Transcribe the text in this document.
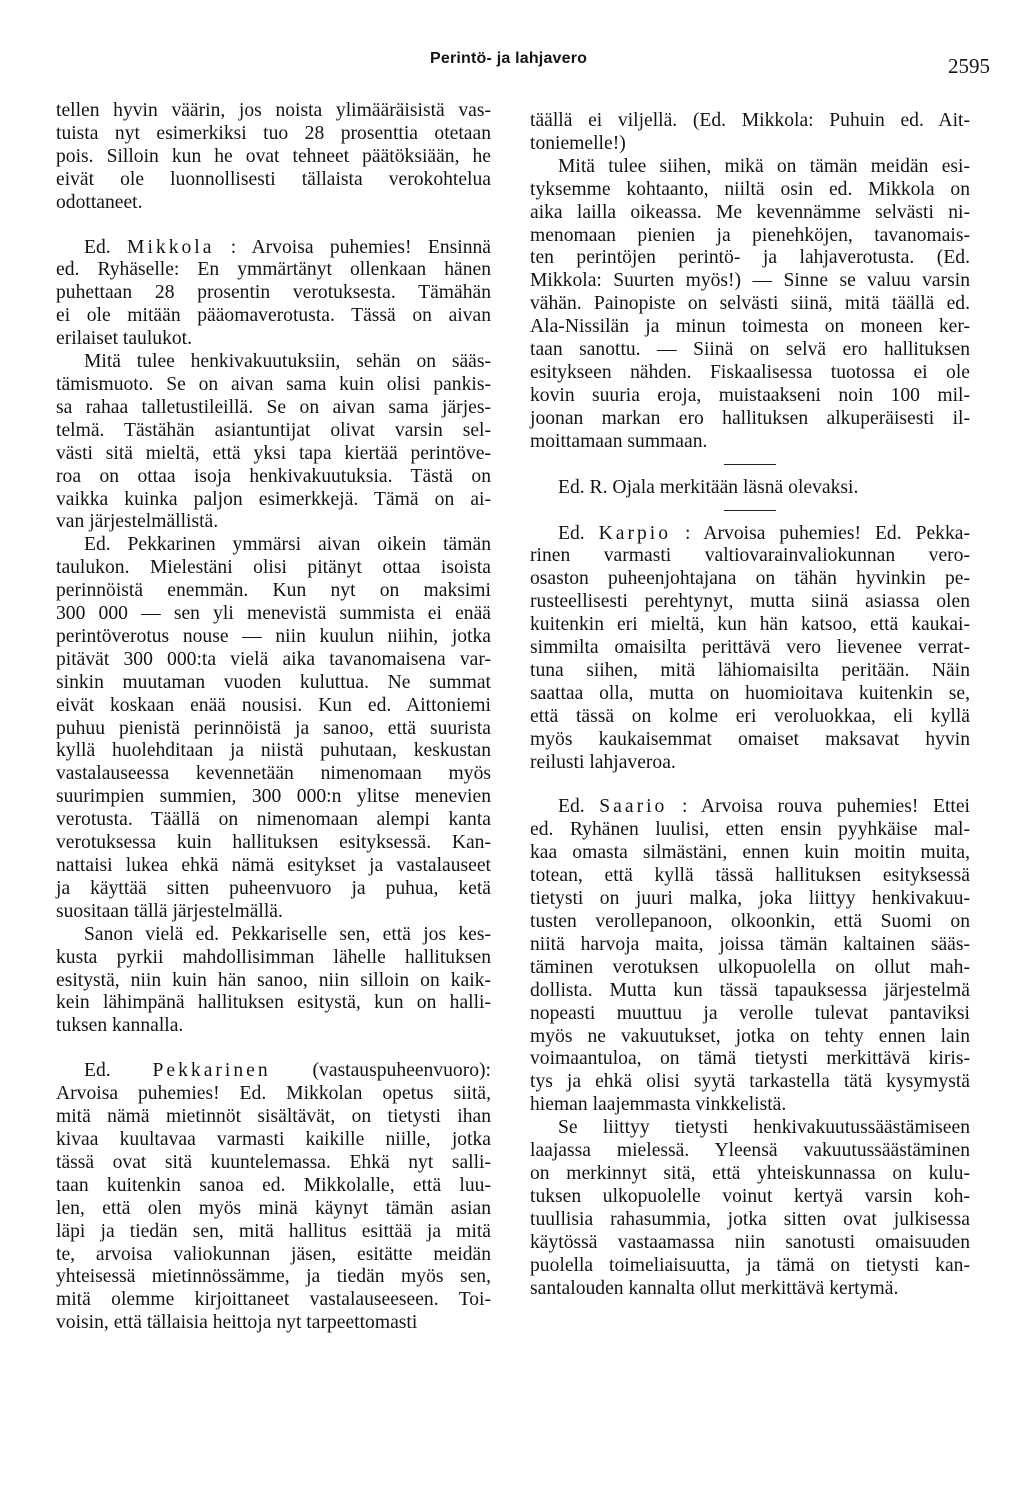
Perintö- ja lahjavero	2595
tellen hyvin väärin, jos noista ylimääräisistä vas-
tuista nyt esimerkiksi tuo 28 prosenttia otetaan
pois. Silloin kun he ovat tehneet päätöksiään, he
eivät ole luonnollisesti tällaista verokohtelua
odottaneet.
Ed. Mikkola : Arvoisa puhemies! Ensinnä
ed. Ryhäselle: En ymmärtänyt ollenkaan hänen
puhettaan 28 prosentin verotuksesta. Tämähän
ei ole mitään pääomaverotusta. Tässä on aivan
erilaiset taulukot.
Mitä tulee henkivakuutuksiin, sehän on sääs-
tämismuoto. Se on aivan sama kuin olisi pankis-
sa rahaa talletustileillä. Se on aivan sama järjes-
telmä. Tästähän asiantuntijat olivat varsin sel-
västi sitä mieltä, että yksi tapa kiertää perintöve-
roa on ottaa isoja henkivakuutuksia. Tästä on
vaikka kuinka paljon esimerkkejä. Tämä on ai-
van järjestelmällistä.
Ed. Pekkarinen ymmärsi aivan oikein tämän
taulukon. Mielestäni olisi pitänyt ottaa isoista
perinnöistä enemmän. Kun nyt on maksimi
300 000 — sen yli menevistä summista ei enää
perintöverotus nouse — niin kuulun niihin, jotka
pitävät 300 000:ta vielä aika tavanomaisena var-
sinkin muutaman vuoden kuluttua. Ne summat
eivät koskaan enää nousisi. Kun ed. Aittoniemi
puhuu pienistä perinnöistä ja sanoo, että suurista
kyllä huolehditaan ja niistä puhutaan, keskustan
vastalauseessa kevennetään nimenomaan myös
suurimpien summien, 300 000:n ylitse menevien
verotusta. Täällä on nimenomaan alempi kanta
verotuksessa kuin hallituksen esityksessä. Kan-
nattaisi lukea ehkä nämä esitykset ja vastalauseet
ja käyttää sitten puheenvuoro ja puhua, ketä
suositaan tällä järjestelmällä.
Sanon vielä ed. Pekkariselle sen, että jos kes-
kusta pyrkii mahdollisimman lähelle hallituksen
esitystä, niin kuin hän sanoo, niin silloin on kaik-
kein lähimpänä hallituksen esitystä, kun on halli-
tuksen kannalla.
Ed. Pekkarinen (vastauspuheenvuoro):
Arvoisa puhemies! Ed. Mikkolan opetus siitä,
mitä nämä mietinnöt sisältävät, on tietysti ihan
kivaa kuultavaa varmasti kaikille niille, jotka
tässä ovat sitä kuuntelemassa. Ehkä nyt salli-
taan kuitenkin sanoa ed. Mikkolalle, että luu-
len, että olen myös minä käynyt tämän asian
läpi ja tiedän sen, mitä hallitus esittää ja mitä
te, arvoisa valiokunnan jäsen, esitätte meidän
yhteisessä mietinnössämme, ja tiedän myös sen,
mitä olemme kirjoittaneet vastalauseeseen. Toi-
voisin, että tällaisia heittoja nyt tarpeettomasti
täällä ei viljellä. (Ed. Mikkola: Puhuin ed. Ait-
toniemelle!)
Mitä tulee siihen, mikä on tämän meidän esi-
tyksemme kohtaanto, niiltä osin ed. Mikkola on
aika lailla oikeassa. Me kevennämme selvästi ni-
menomaan pienien ja pienehköjen, tavanomais-
ten perintöjen perintö- ja lahjaverotusta. (Ed.
Mikkola: Suurten myös!) — Sinne se valuu varsin
vähän. Painopiste on selvästi siinä, mitä täällä ed.
Ala-Nissilän ja minun toimesta on moneen ker-
taan sanottu. — Siinä on selvä ero hallituksen
esitykseen nähden. Fiskaalisessa tuotossa ei ole
kovin suuria eroja, muistaakseni noin 100 mil-
joonan markan ero hallituksen alkuperäisesti il-
moittamaan summaan.
Ed. R. Ojala merkitään läsnä olevaksi.
Ed. Karpio : Arvoisa puhemies! Ed. Pekka-
rinen varmasti valtiovarainvaliokunnan vero-
osaston puheenjohtajana on tähän hyvinkin pe-
rusteellisesti perehtynyt, mutta siinä asiassa olen
kuitenkin eri mieltä, kun hän katsoo, että kaukai-
simmilta omaisilta perittävä vero lievenee verrat-
tuna siihen, mitä lähiomaisilta peritään. Näin
saattaa olla, mutta on huomioitava kuitenkin se,
että tässä on kolme eri veroluokkaa, eli kyllä
myös kaukaisemmat omaiset maksavat hyvin
reilusti lahjaveroa.
Ed. Saario : Arvoisa rouva puhemies! Ettei
ed. Ryhänen luulisi, etten ensin pyyhkäise mal-
kaa omasta silmästäni, ennen kuin moitin muita,
totean, että kyllä tässä hallituksen esityksessä
tietysti on juuri malka, joka liittyy henkivakuu-
tusten verollepanoon, olkoonkin, että Suomi on
niitä harvoja maita, joissa tämän kaltainen sääs-
täminen verotuksen ulkopuolella on ollut mah-
dollista. Mutta kun tässä tapauksessa järjestelmä
nopeasti muuttuu ja verolle tulevat pantaviksi
myös ne vakuutukset, jotka on tehty ennen lain
voimaantuloa, on tämä tietysti merkittävä kiris-
tys ja ehkä olisi syytä tarkastella tätä kysymystä
hieman laajemmasta vinkkelistä.
Se liittyy tietysti henkivakuutussäästämiseen
laajassa mielessä. Yleensä vakuutussäästäminen
on merkinnyt sitä, että yhteiskunnassa on kulu-
tuksen ulkopuolelle voinut kertyä varsin koh-
tuullisia rahasummia, jotka sitten ovat julkisessa
käytössä vastaamassa niin sanotusti omaisuuden
puolella toimeliaisuutta, ja tämä on tietysti kan-
santalouden kannalta ollut merkittävä kertymä.
